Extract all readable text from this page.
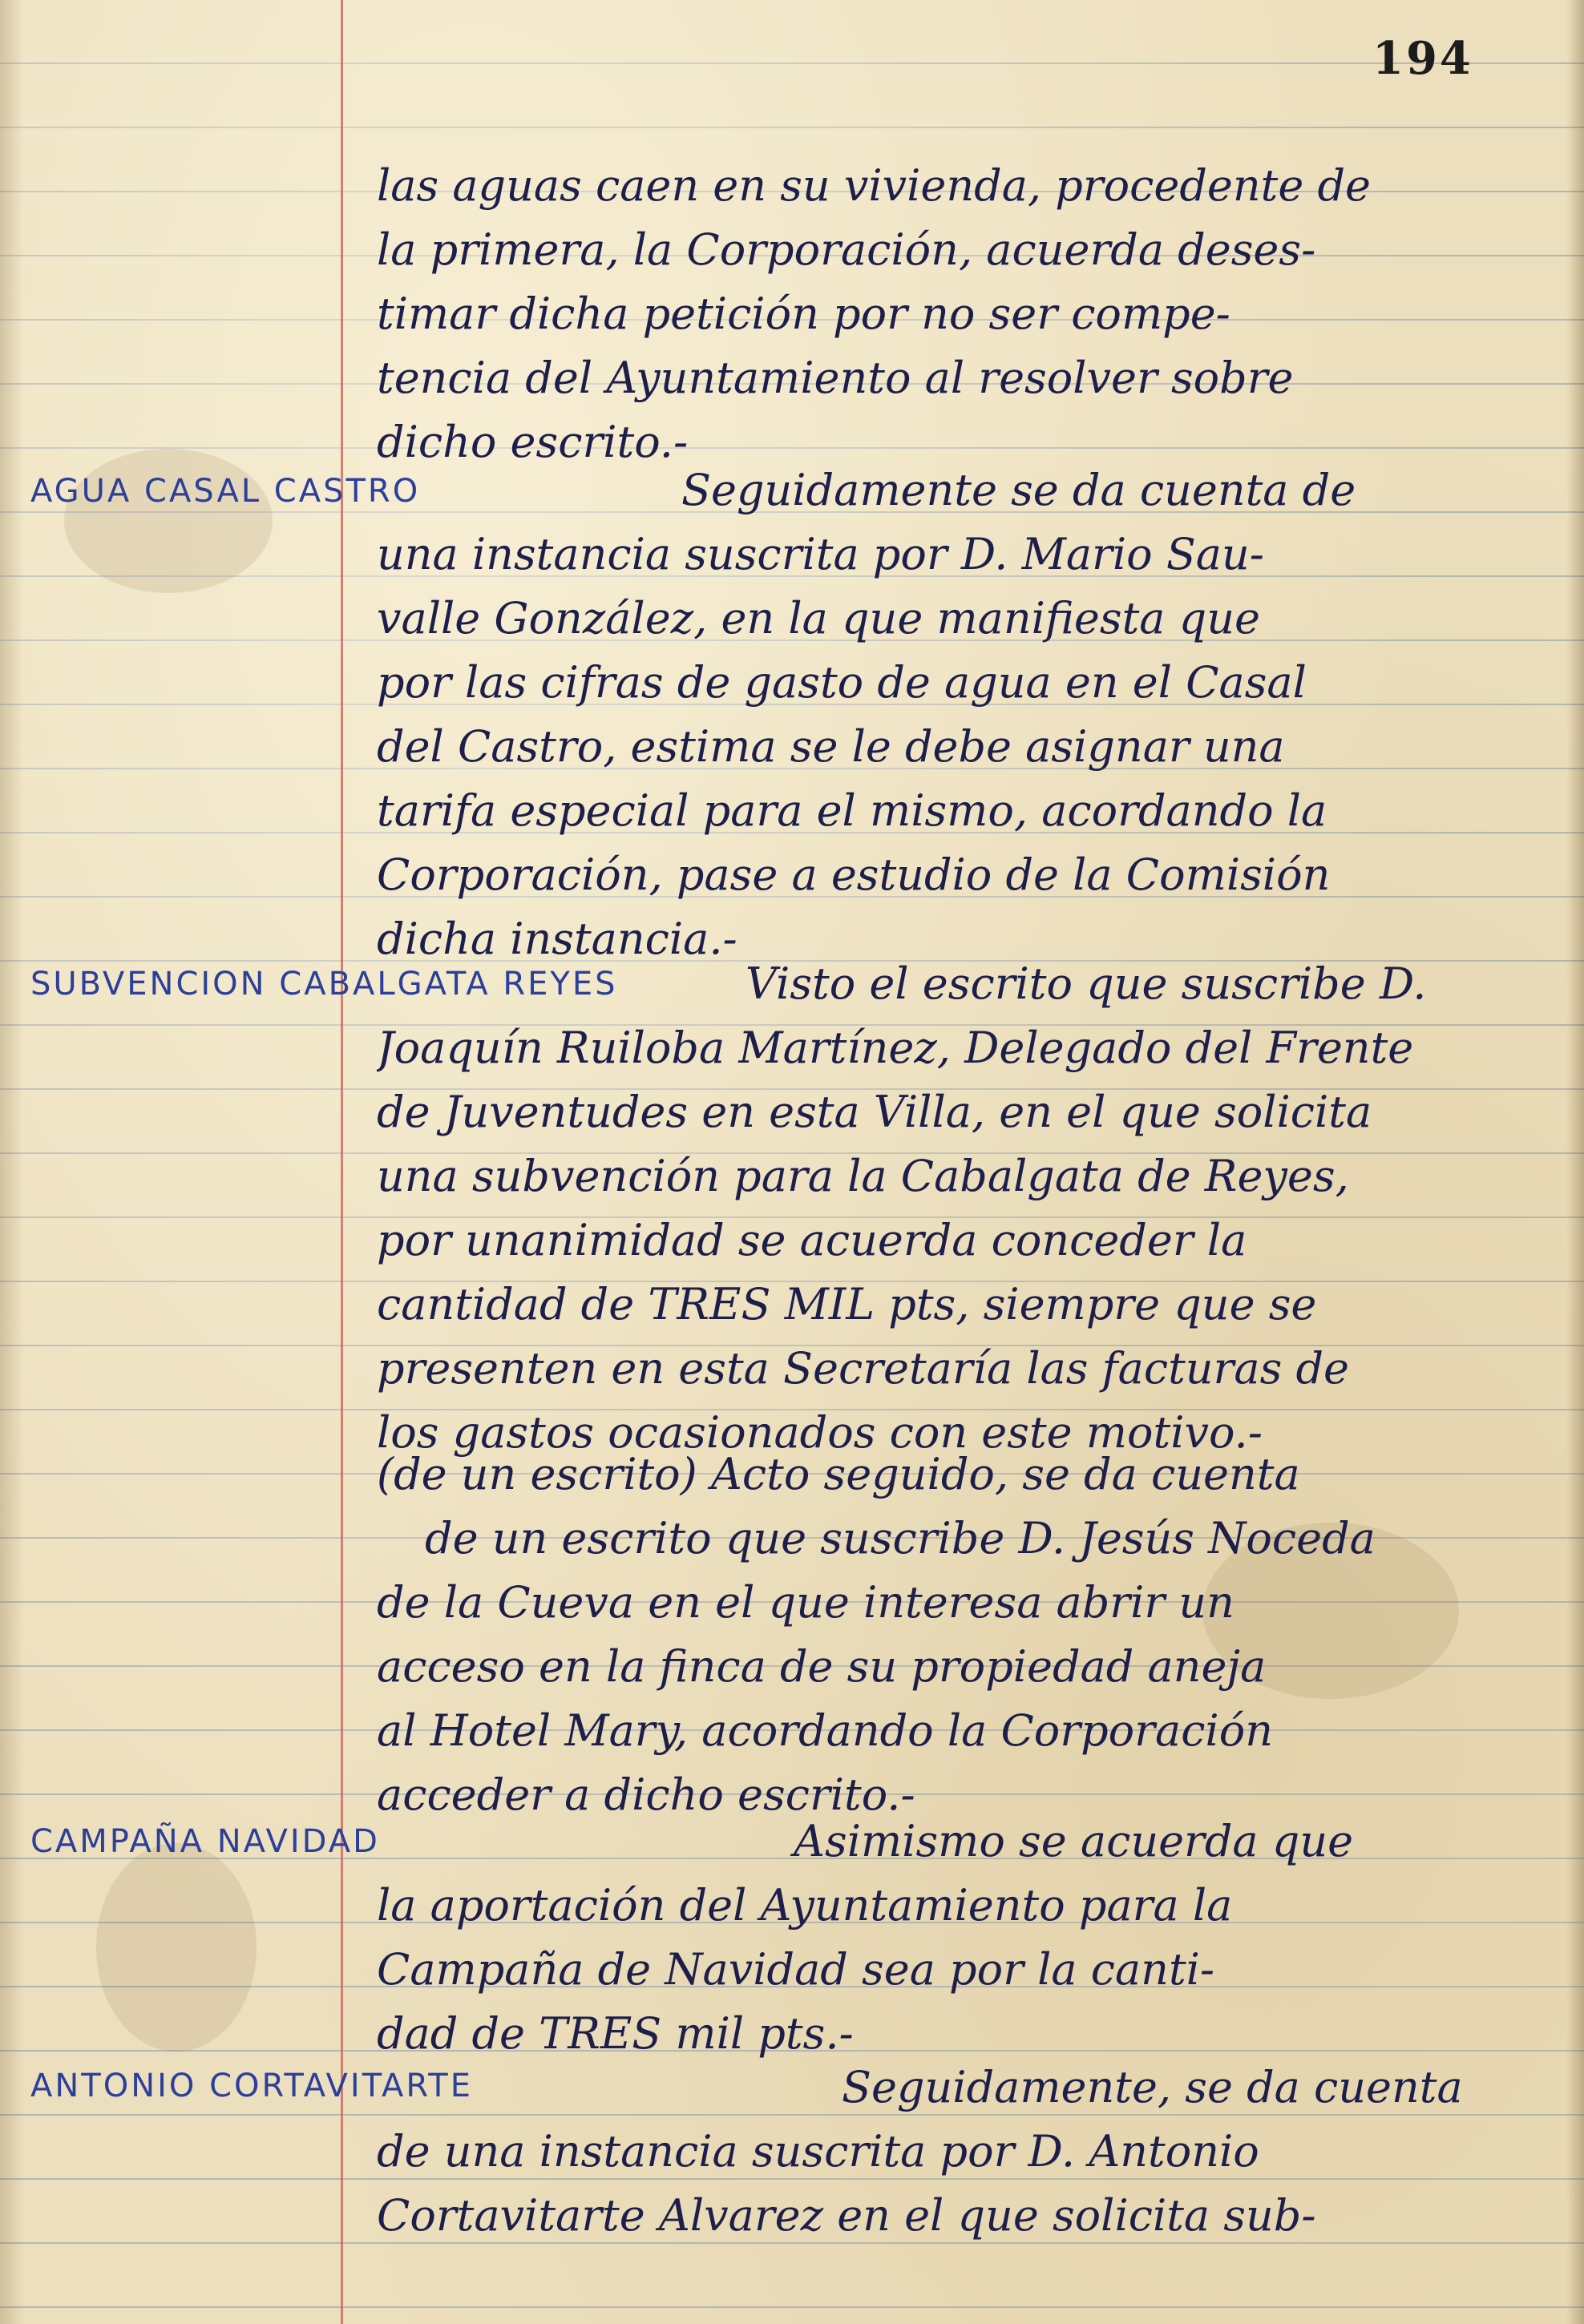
194
AGUA CASAL CASTRO
SUBVENCION CABALGATA REYES
CAMPAÑA NAVIDAD
ANTONIO CORTAVITARTE
las aguas caen en su vivienda, procedente de
la primera, la Corporación, acuerda deses-
timar dicha petición por no ser compe-
tencia del Ayuntamiento al resolver sobre
dicho escrito.-
Seguidamente se da cuenta de
una instancia suscrita por D. Mario Sau-
valle González, en la que manifiesta que
por las cifras de gasto de agua en el Casal
del Castro, estima se le debe asignar una
tarifa especial para el mismo, acordando la
Corporación, pase a estudio de la Comisión
dicha instancia.-
Visto el escrito que suscribe D.
Joaquín Ruiloba Martínez, Delegado del Frente
de Juventudes en esta Villa, en el que solicita
una subvención para la Cabalgata de Reyes,
por unanimidad se acuerda conceder la
cantidad de TRES MIL pts, siempre que se
presenten en esta Secretaría las facturas de
los gastos ocasionados con este motivo.-
(de un escrito) Acto seguido, se da cuenta
de un escrito que suscribe D. Jesús Noceda
de la Cueva en el que interesa abrir un
acceso en la finca de su propiedad aneja
al Hotel Mary, acordando la Corporación
acceder a dicho escrito.-
Asimismo se acuerda que
la aportación del Ayuntamiento para la
Campaña de Navidad sea por la canti-
dad de TRES mil pts.-
Seguidamente, se da cuenta
de una instancia suscrita por D. Antonio
Cortavitarte Alvarez en el que solicita sub-
